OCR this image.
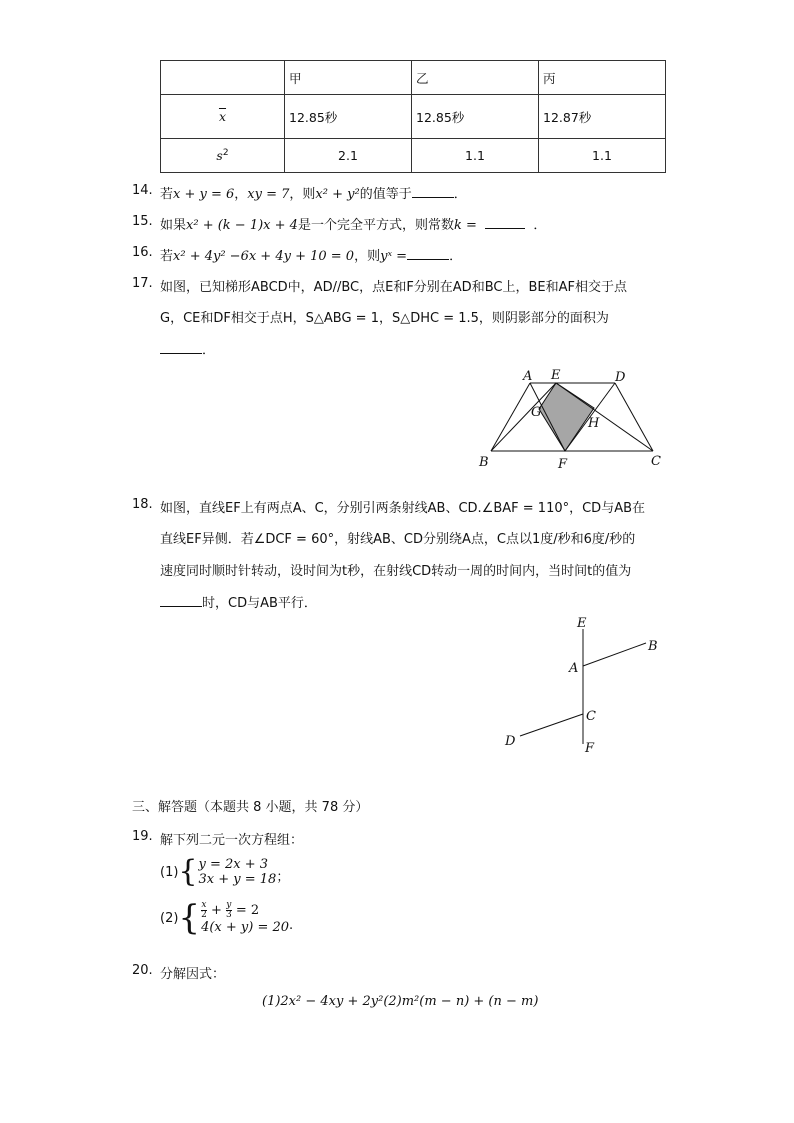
	甲	乙	丙
$\overline{x}$	12.85秒	12.85秒	12.87秒
$s^2$	2.1	1.1	1.1
14. 若x + y = 6，xy = 7，则x² + y²的值等于	．
15. 如果x² + (k − 1)x + 4是一个完全平方式，则常数k =	．
16. 若x² + 4y² −6x + 4y + 10 = 0，则yˣ =	．
17. 如图，已知梯形ABCD中，AD//BC，点E和F分别在AD和BC上，BE和AF相交于点
G，CE和DF相交于点H，S△ABG = 1，S△DHC = 1.5，则阴影部分的面积为
．
A E	D
G
H
B	F	C
18. 如图，直线EF上有两点A、C，分别引两条射线AB、CD.∠BAF = 110°，CD与AB在
直线EF异侧．若∠DCF = 60°，射线AB、CD分别绕A点，C点以1度/秒和6度/秒的
速度同时顺时针转动，设时间为t秒，在射线CD转动一周的时间内，当时间t的值为
时，CD与AB平行．
E
B
A
C
D	F
三、解答题（本题共 8 小题，共 78 分）
19. 解下列二元一次方程组：
(1) { y = 2x + 3
3x + y = 18 ；
(2) { $\frac{x}{2} + \frac{y}{3} = 2$
4(x + y) = 20 .
20. 分解因式：
(1)2x² − 4xy + 2y²(2)m²(m − n) + (n − m)
